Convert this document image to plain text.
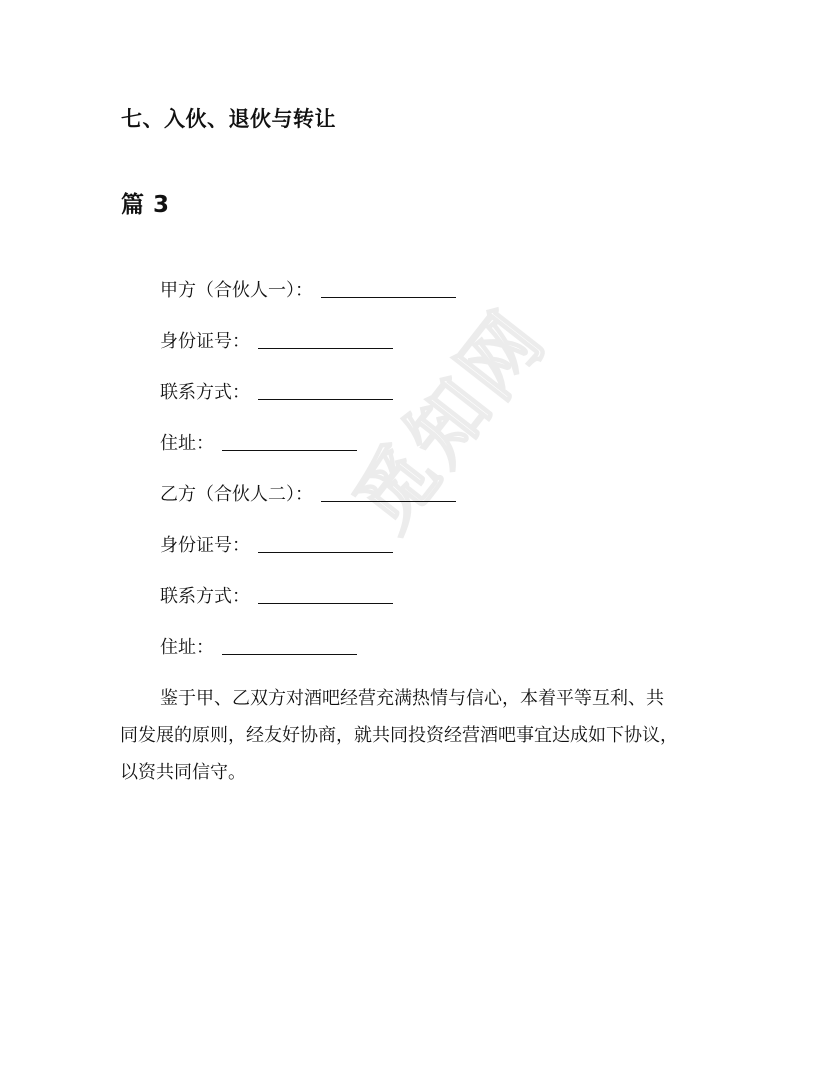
觅知网
七、入伙、退伙与转让
篇 3
甲方（合伙人一）：
身份证号：
联系方式：
住址：
乙方（合伙人二）：
身份证号：
联系方式：
住址：
鉴于甲、乙双方对酒吧经营充满热情与信心，本着平等互利、共
同发展的原则，经友好协商，就共同投资经营酒吧事宜达成如下协议，
以资共同信守。
